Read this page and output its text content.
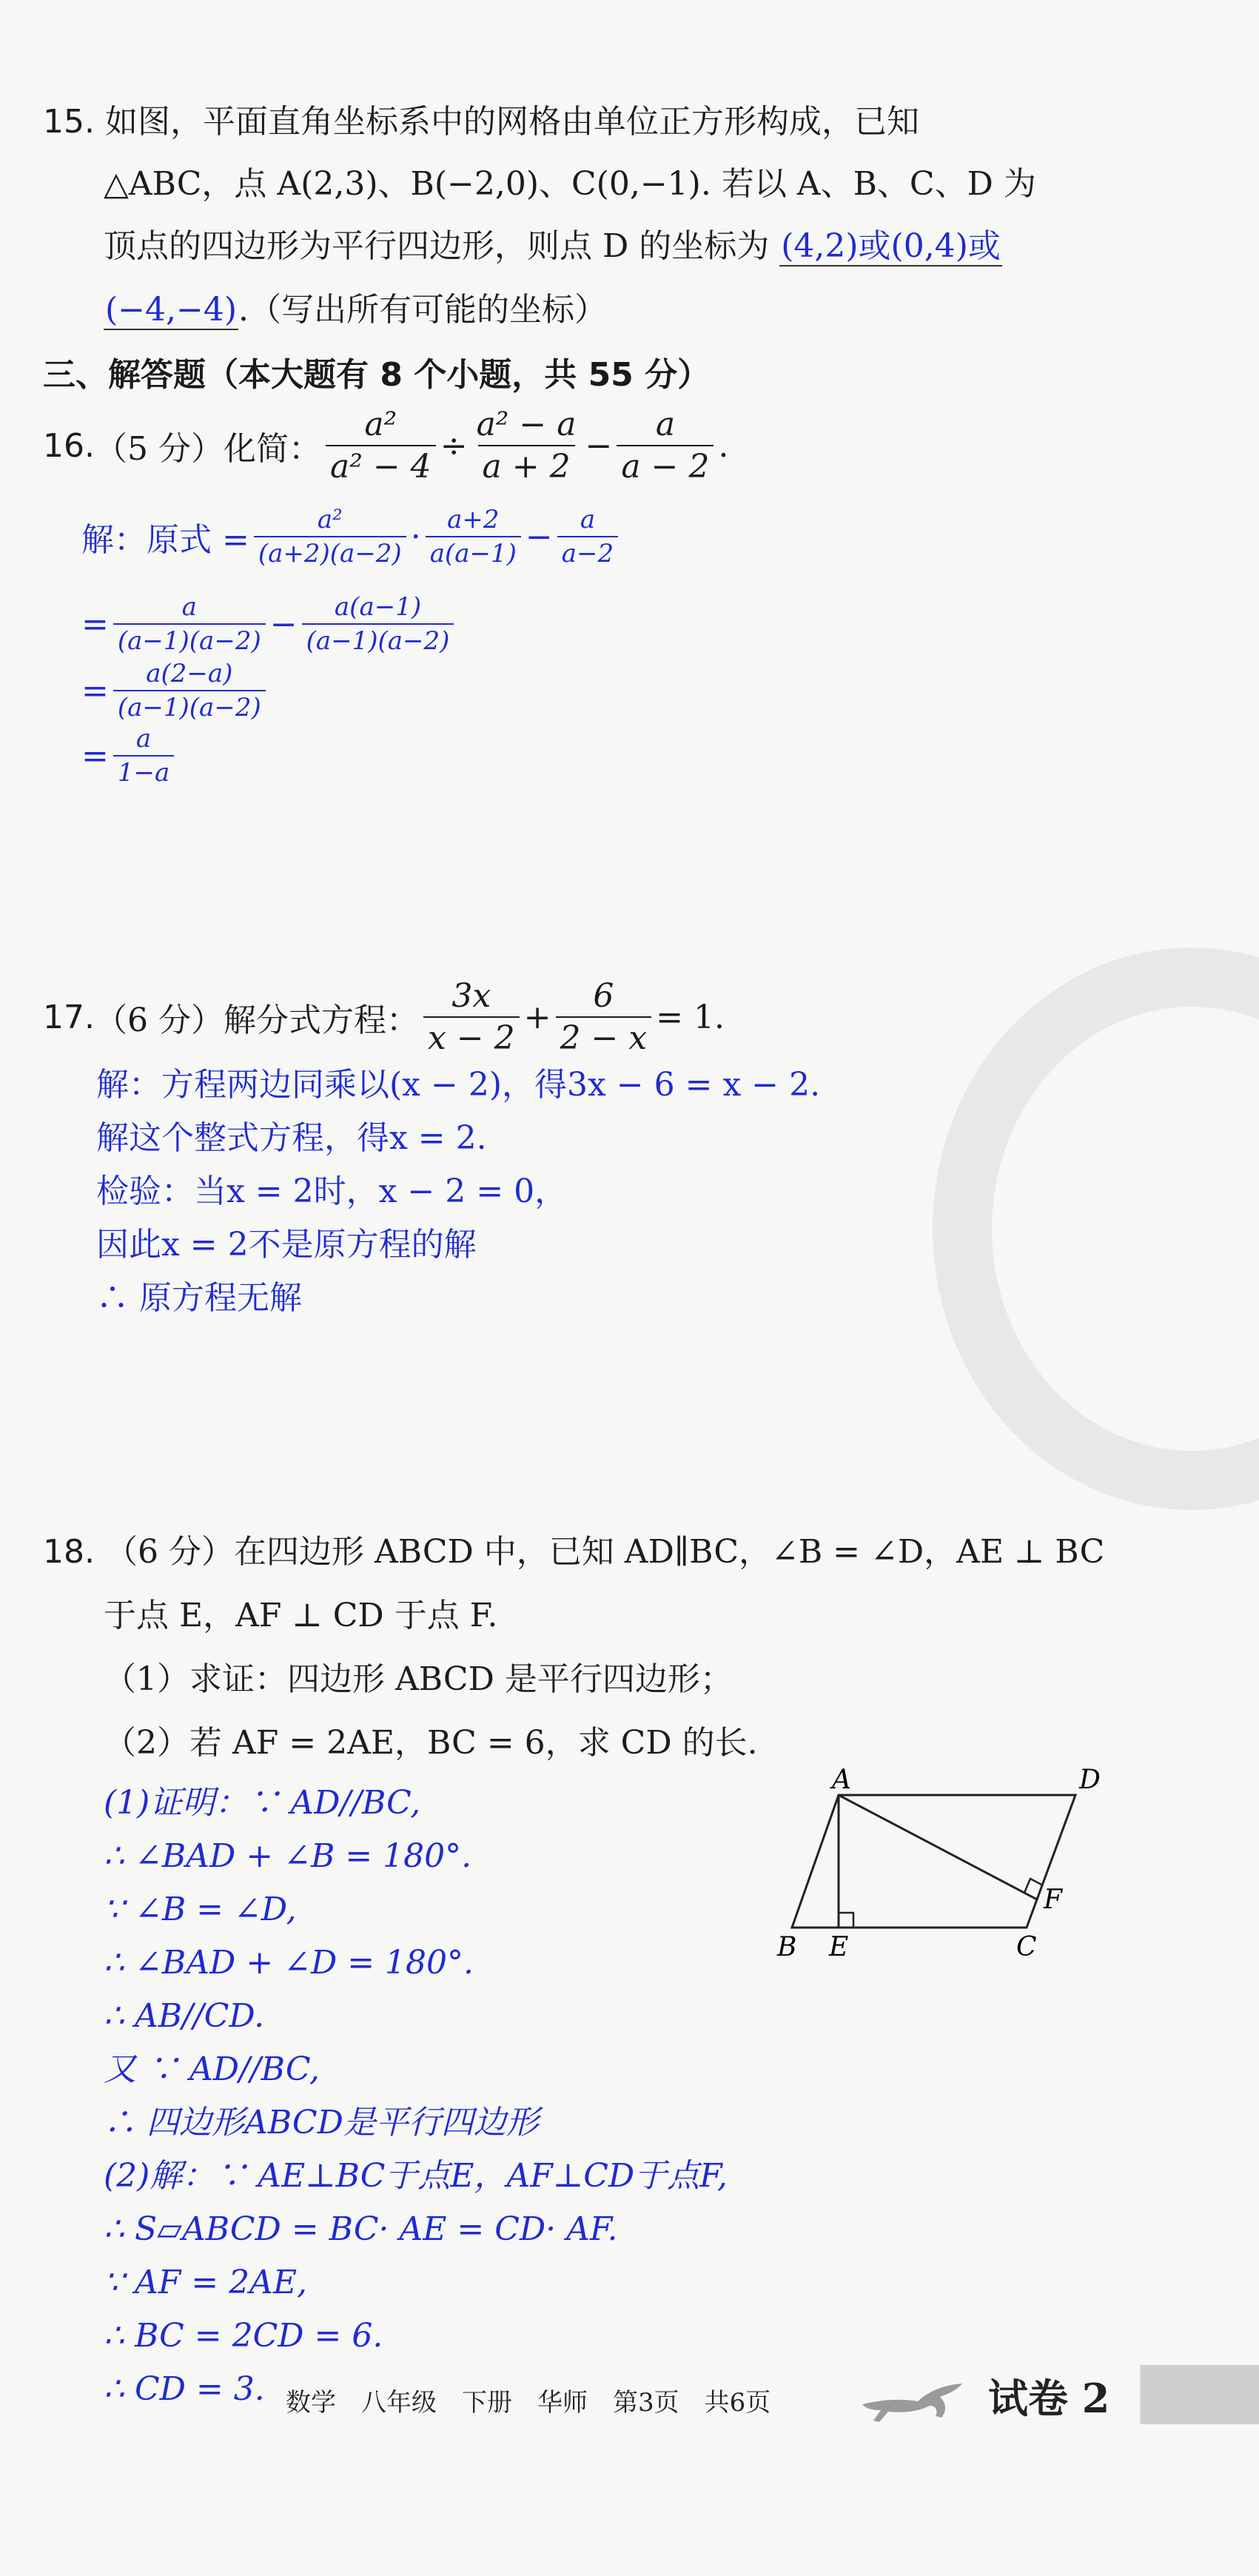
15. 如图，平面直角坐标系中的网格由单位正方形构成，已知
△ABC，点 A(2,3)、B(−2,0)、C(0,−1). 若以 A、B、C、D 为
顶点的四边形为平行四边形，则点 D 的坐标为 (4,2)或(0,4)或
(−4,−4).（写出所有可能的坐标）
三、解答题（本大题有 8 个小题，共 55 分）
16. （5 分）化简： $\frac{\text{a²}}{\text{a² − 4}} \div \frac{\text{a² − a}}{a + 2} - \frac{a}{a - 2}$ .
解：原式 = $\frac{\text{a²}}{(a+2)(a-2)} \cdot \frac{a+2}{a(a-1)} - \frac{a}{a-2}$
= $\frac{a}{(a-1)(a-2)} - \frac{a(a-1)}{(a-1)(a-2)}$
= $\frac{a(2-a)}{(a-1)(a-2)}$
= $\frac{a}{1-a}$
17. （6 分）解分式方程： $\frac{3x}{x - 2} + \frac{6}{2 - x} = 1$.
解：方程两边同乘以(x − 2)，得3x − 6 = x − 2.
解这个整式方程，得x = 2.
检验：当x = 2时，x − 2 = 0，
因此x = 2不是原方程的解
∴ 原方程无解
18. （6 分）在四边形 ABCD 中，已知 AD∥BC，∠B = ∠D，AE ⊥ BC
于点 E，AF ⊥ CD 于点 F.
（1）求证：四边形 ABCD 是平行四边形；
（2）若 AF = 2AE，BC = 6，求 CD 的长.
(1)证明：∵ AD//BC,
∴ ∠BAD + ∠B = 180°.
∵ ∠B = ∠D,
∴ ∠BAD + ∠D = 180°.
∴ AB//CD.
又 ∵ AD//BC,
∴ 四边形ABCD是平行四边形
(2)解：∵ AE⊥BC于点E，AF⊥CD于点F,
∴ S▱ABCD = BC· AE = CD· AF.
∵ AF = 2AE,
∴ BC = 2CD = 6.
∴ CD = 3.
A	D
F
B E	C
数学　八年级　下册　华师　第3页　共6页	试卷 2
